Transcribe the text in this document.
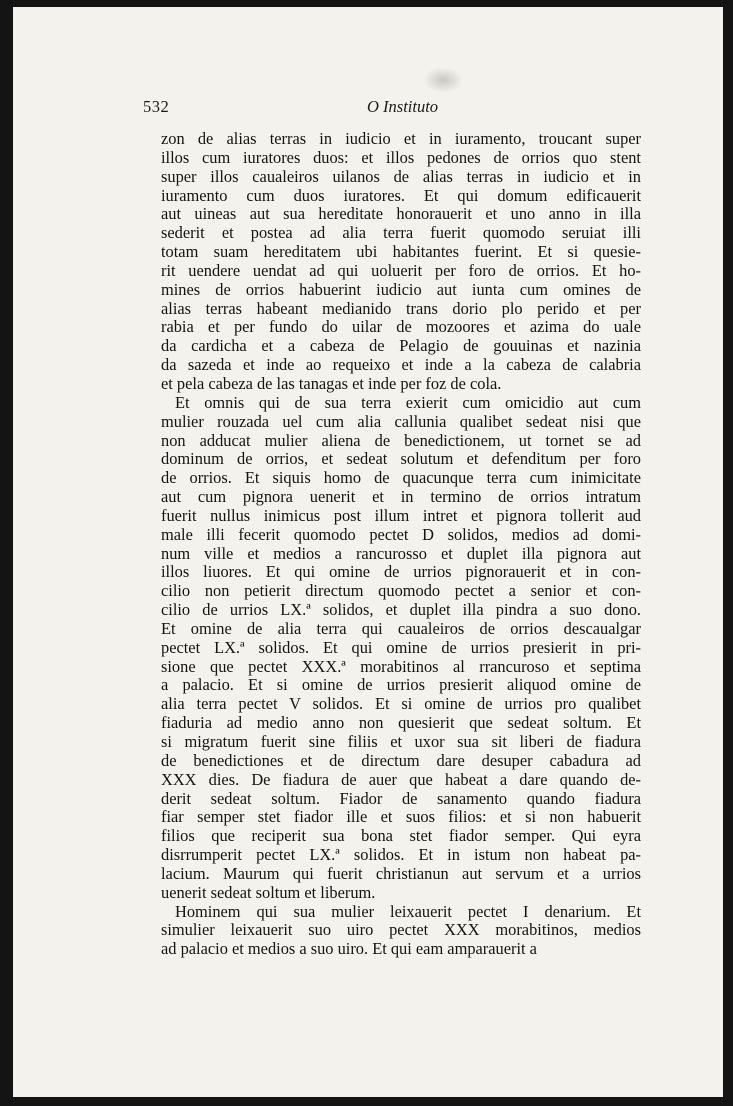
532	O Instituto

zon de alias terras in iudicio et in iuramento, troucant super
illos cum iuratores duos: et illos pedones de orrios quo stent
super illos caualeiros uilanos de alias terras in iudicio et in
iuramento cum duos iuratores. Et qui domum edificauerit
aut uineas aut sua hereditate honorauerit et uno anno in illa
sederit et postea ad alia terra fuerit quomodo seruiat illi
totam suam hereditatem ubi habitantes fuerint. Et si quesie-
rit uendere uendat ad qui uoluerit per foro de orrios. Et ho-
mines de orrios habuerint iudicio aut iunta cum omines de
alias terras habeant medianido trans dorio plo perido et per
rabia et per fundo do uilar de mozoores et azima do uale
da cardicha et a cabeza de Pelagio de gouuinas et nazinia
da sazeda et inde ao requeixo et inde a la cabeza de calabria
et pela cabeza de las tanagas et inde per foz de cola.

Et omnis qui de sua terra exierit cum omicidio aut cum
mulier rouzada uel cum alia callunia qualibet sedeat nisi que
non adducat mulier aliena de benedictionem, ut tornet se ad
dominum de orrios, et sedeat solutum et defenditum per foro
de orrios. Et siquis homo de quacunque terra cum inimicitate
aut cum pignora uenerit et in termino de orrios intratum
fuerit nullus inimicus post illum intret et pignora tollerit aud
male illi fecerit quomodo pectet D solidos, medios ad domi-
num ville et medios a rancurosso et duplet illa pignora aut
illos liuores. Et qui omine de urrios pignorauerit et in con-
cilio non petierit directum quomodo pectet a senior et con-
cilio de urrios LX.ª solidos, et duplet illa pindra a suo dono.
Et omine de alia terra qui caualeiros de orrios descaualgar
pectet LX.ª solidos. Et qui omine de urrios presierit in pri-
sione que pectet XXX.ª morabitinos al rrancuroso et septima
a palacio. Et si omine de urrios presierit aliquod omine de
alia terra pectet V solidos. Et si omine de urrios pro qualibet
fiaduria ad medio anno non quesierit que sedeat soltum. Et
si migratum fuerit sine filiis et uxor sua sit liberi de fiadura
de benedictiones et de directum dare desuper cabadura ad
XXX dies. De fiadura de auer que habeat a dare quando de-
derit sedeat soltum. Fiador de sanamento quando fiadura
fiar semper stet fiador ille et suos filios: et si non habuerit
filios que reciperit sua bona stet fiador semper. Qui eyra
disrrumperit pectet LX.ª solidos. Et in istum non habeat pa-
lacium. Maurum qui fuerit christianun aut servum et a urrios
uenerit sedeat soltum et liberum.

Hominem qui sua mulier leixauerit pectet I denarium. Et
simulier leixauerit suo uiro pectet XXX morabitinos, medios
ad palacio et medios a suo uiro. Et qui eam amparauerit a
